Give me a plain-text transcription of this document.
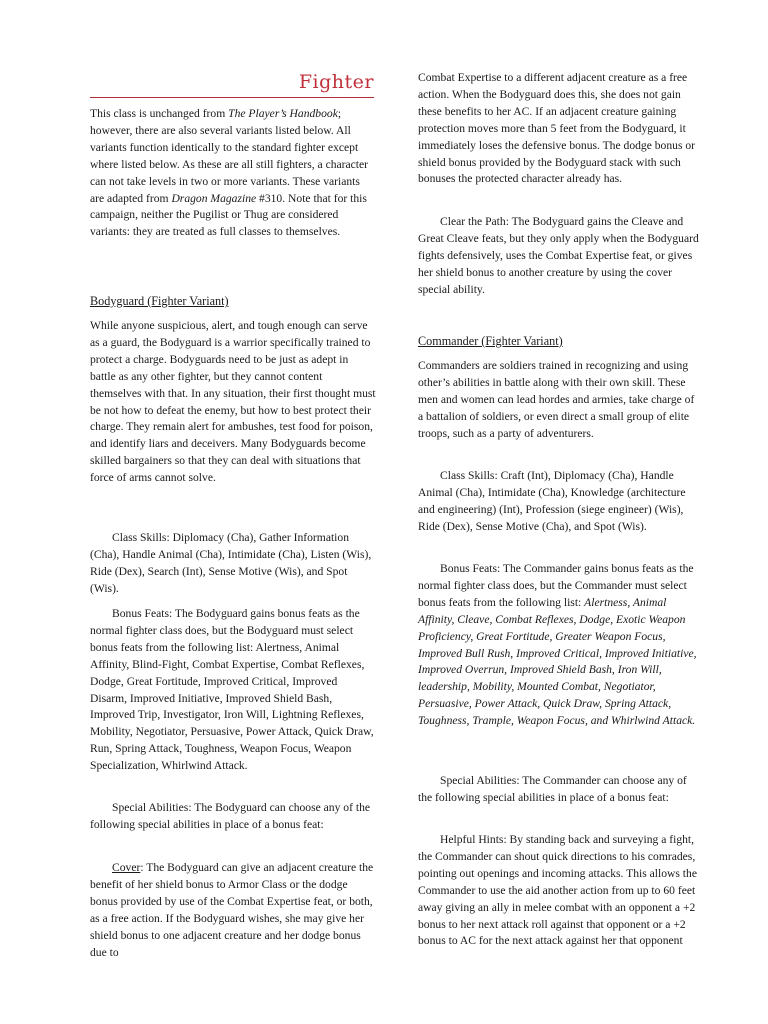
Fighter

This class is unchanged from The Player’s Handbook; however, there are also several variants listed below. All variants function identically to the standard fighter except where listed below. As these are all still fighters, a character can not take levels in two or more variants. These variants are adapted from Dragon Magazine #310. Note that for this campaign, neither the Pugilist or Thug are considered variants: they are treated as full classes to themselves.

Bodyguard (Fighter Variant)

While anyone suspicious, alert, and tough enough can serve as a guard, the Bodyguard is a warrior specifically trained to protect a charge. Bodyguards need to be just as adept in battle as any other fighter, but they cannot content themselves with that. In any situation, their first thought must be not how to defeat the enemy, but how to best protect their charge. They remain alert for ambushes, test food for poison, and identify liars and deceivers. Many Bodyguards become skilled bargainers so that they can deal with situations that force of arms cannot solve.

Class Skills: Diplomacy (Cha), Gather Information (Cha), Handle Animal (Cha), Intimidate (Cha), Listen (Wis), Ride (Dex), Search (Int), Sense Motive (Wis), and Spot (Wis).

Bonus Feats: The Bodyguard gains bonus feats as the normal fighter class does, but the Bodyguard must select bonus feats from the following list: Alertness, Animal Affinity, Blind-Fight, Combat Expertise, Combat Reflexes, Dodge, Great Fortitude, Improved Critical, Improved Disarm, Improved Initiative, Improved Shield Bash, Improved Trip, Investigator, Iron Will, Lightning Reflexes, Mobility, Negotiator, Persuasive, Power Attack, Quick Draw, Run, Spring Attack, Toughness, Weapon Focus, Weapon Specialization, Whirlwind Attack.

Special Abilities: The Bodyguard can choose any of the following special abilities in place of a bonus feat:

Cover: The Bodyguard can give an adjacent creature the benefit of her shield bonus to Armor Class or the dodge bonus provided by use of the Combat Expertise feat, or both, as a free action. If the Bodyguard wishes, she may give her shield bonus to one adjacent creature and her dodge bonus due to

Combat Expertise to a different adjacent creature as a free action. When the Bodyguard does this, she does not gain these benefits to her AC. If an adjacent creature gaining protection moves more than 5 feet from the Bodyguard, it immediately loses the defensive bonus. The dodge bonus or shield bonus provided by the Bodyguard stack with such bonuses the protected character already has.

Clear the Path: The Bodyguard gains the Cleave and Great Cleave feats, but they only apply when the Bodyguard fights defensively, uses the Combat Expertise feat, or gives her shield bonus to another creature by using the cover special ability.

Commander (Fighter Variant)

Commanders are soldiers trained in recognizing and using other’s abilities in battle along with their own skill. These men and women can lead hordes and armies, take charge of a battalion of soldiers, or even direct a small group of elite troops, such as a party of adventurers.

Class Skills: Craft (Int), Diplomacy (Cha), Handle Animal (Cha), Intimidate (Cha), Knowledge (architecture and engineering) (Int), Profession (siege engineer) (Wis), Ride (Dex), Sense Motive (Cha), and Spot (Wis).

Bonus Feats: The Commander gains bonus feats as the normal fighter class does, but the Commander must select bonus feats from the following list: Alertness, Animal Affinity, Cleave, Combat Reflexes, Dodge, Exotic Weapon Proficiency, Great Fortitude, Greater Weapon Focus, Improved Bull Rush, Improved Critical, Improved Initiative, Improved Overrun, Improved Shield Bash, Iron Will, leadership, Mobility, Mounted Combat, Negotiator, Persuasive, Power Attack, Quick Draw, Spring Attack, Toughness, Trample, Weapon Focus, and Whirlwind Attack.

Special Abilities: The Commander can choose any of the following special abilities in place of a bonus feat:

Helpful Hints: By standing back and surveying a fight, the Commander can shout quick directions to his comrades, pointing out openings and incoming attacks. This allows the Commander to use the aid another action from up to 60 feet away giving an ally in melee combat with an opponent a +2 bonus to her next attack roll against that opponent or a +2 bonus to AC for the next attack against her that opponent
